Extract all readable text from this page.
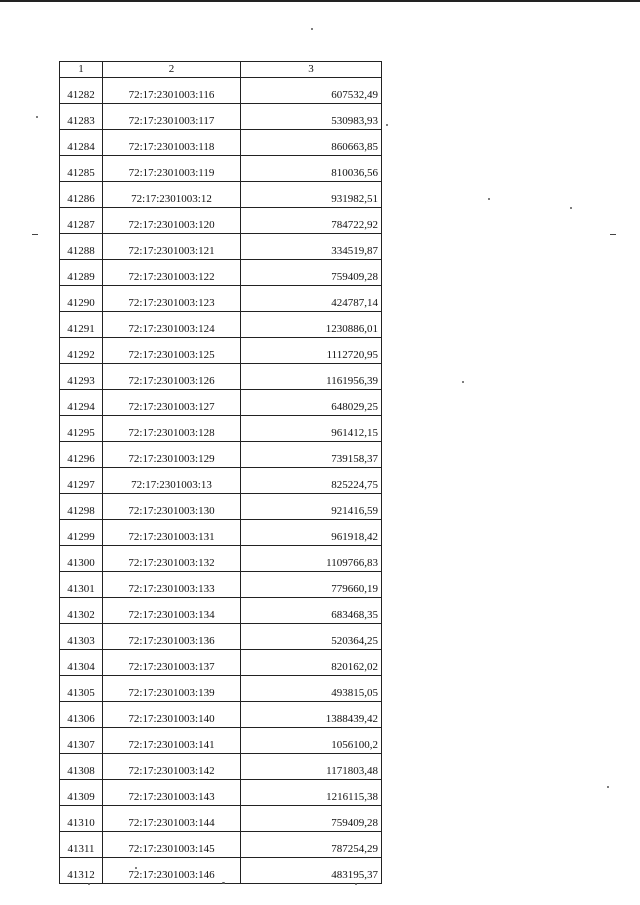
1	2	3
41282	72:17:2301003:116	607532,49
41283	72:17:2301003:117	530983,93
41284	72:17:2301003:118	860663,85
41285	72:17:2301003:119	810036,56
41286	72:17:2301003:12	931982,51
41287	72:17:2301003:120	784722,92
41288	72:17:2301003:121	334519,87
41289	72:17:2301003:122	759409,28
41290	72:17:2301003:123	424787,14
41291	72:17:2301003:124	1230886,01
41292	72:17:2301003:125	1112720,95
41293	72:17:2301003:126	1161956,39
41294	72:17:2301003:127	648029,25
41295	72:17:2301003:128	961412,15
41296	72:17:2301003:129	739158,37
41297	72:17:2301003:13	825224,75
41298	72:17:2301003:130	921416,59
41299	72:17:2301003:131	961918,42
41300	72:17:2301003:132	1109766,83
41301	72:17:2301003:133	779660,19
41302	72:17:2301003:134	683468,35
41303	72:17:2301003:136	520364,25
41304	72:17:2301003:137	820162,02
41305	72:17:2301003:139	493815,05
41306	72:17:2301003:140	1388439,42
41307	72:17:2301003:141	1056100,2
41308	72:17:2301003:142	1171803,48
41309	72:17:2301003:143	1216115,38
41310	72:17:2301003:144	759409,28
41311	72:17:2301003:145	787254,29
41312	72:17:2301003:146	483195,37
